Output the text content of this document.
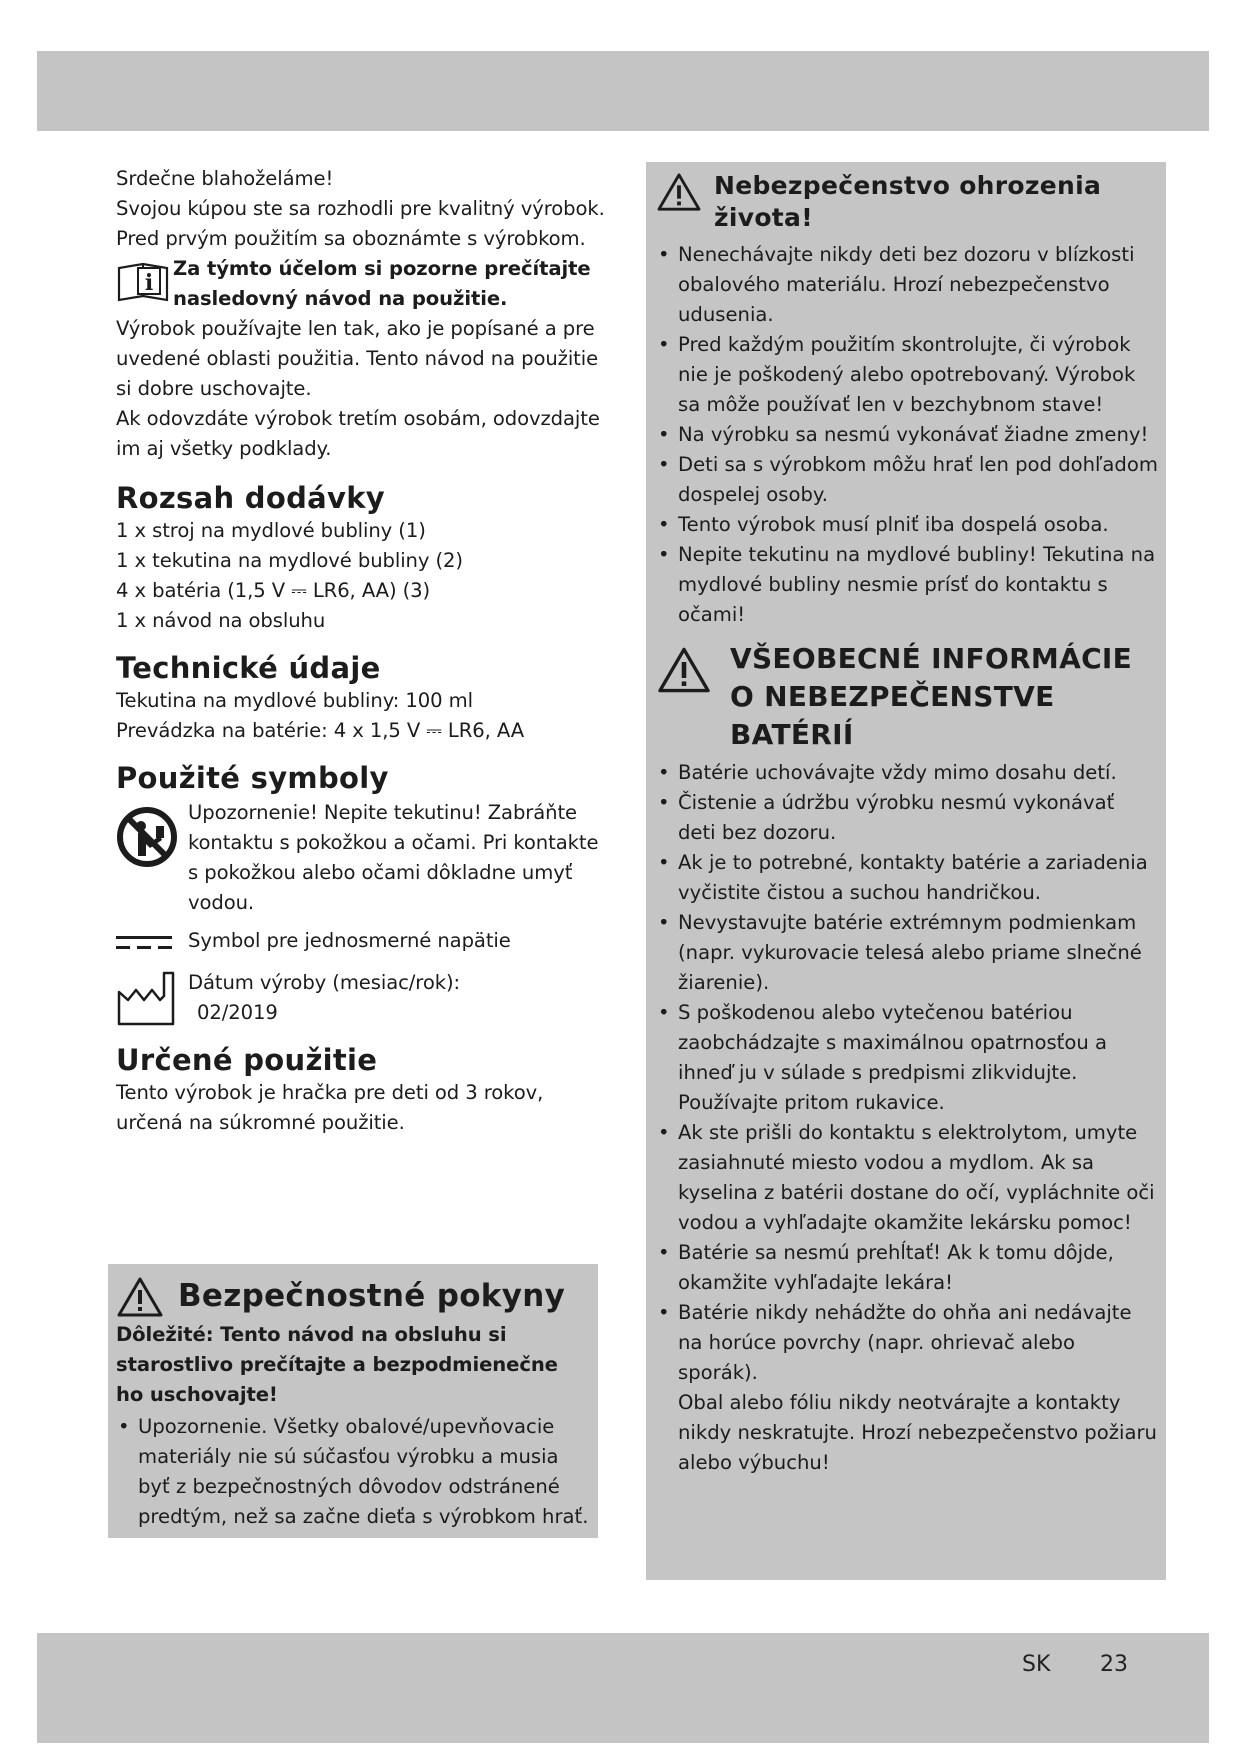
Srdečne blahoželáme!

Svojou kúpou ste sa rozhodli pre kvalitný výrobok. Pred prvým použitím sa oboznámte s výrobkom.

i

Za týmto účelom si pozorne prečítajte nasledovný návod na použitie.

Výrobok používajte len tak, ako je popísané a pre uvedené oblasti použitia. Tento návod na použitie si dobre uschovajte.

Ak odovzdáte výrobok tretím osobám, odovzdajte im aj všetky podklady.

Rozsah dodávky

1 x stroj na mydlové bubliny (1)

1 x tekutina na mydlové bubliny (2)

4 x batéria (1,5 V ⎓ LR6, AA) (3)

1 x návod na obsluhu

Technické údaje

Tekutina na mydlové bubliny: 100 ml

Prevádzka na batérie: 4 x 1,5 V ⎓ LR6, AA

Použité symboly

Upozornenie! Nepite tekutinu! Zabráňte kontaktu s pokožkou a očami. Pri kontakte s pokožkou alebo očami dôkladne umyť vodou.

Symbol pre jednosmerné napätie

Dátum výroby (mesiac/rok):

02/2019

Určené použitie

Tento výrobok je hračka pre deti od 3 rokov, určená na súkromné použitie.

Bezpečnostné pokyny

Dôležité: Tento návod na obsluhu si starostlivo prečítajte a bezpodmienečne ho uschovajte!

• Upozornenie. Všetky obalové/upevňovacie materiály nie sú súčasťou výrobku a musia byť z bezpečnostných dôvodov odstránené predtým, než sa začne dieťa s výrobkom hrať.
Nebezpečenstvo ohrozenia života!
• Nenechávajte nikdy deti bez dozoru v blízkosti obalového materiálu. Hrozí nebezpečenstvo udusenia.
• Pred každým použitím skontrolujte, či výrobok nie je poškodený alebo opotrebovaný. Výrobok sa môže používať len v bezchybnom stave!
• Na výrobku sa nesmú vykonávať žiadne zmeny!
• Deti sa s výrobkom môžu hrať len pod dohľadom dospelej osoby.
• Tento výrobok musí plniť iba dospelá osoba.
• Nepite tekutinu na mydlové bubliny! Tekutina na mydlové bubliny nesmie prísť do kontaktu s očami!
VŠEOBECNÉ INFORMÁCIE O NEBEZPEČENSTVE BATÉRIÍ
• Batérie uchovávajte vždy mimo dosahu detí.
• Čistenie a údržbu výrobku nesmú vykonávať deti bez dozoru.
• Ak je to potrebné, kontakty batérie a zariadenia vyčistite čistou a suchou handričkou.
• Nevystavujte batérie extrémnym podmienkam (napr. vykurovacie telesá alebo priame slnečné žiarenie).
• S poškodenou alebo vytečenou batériou zaobchádzajte s maximálnou opatrnosťou a ihneď ju v súlade s predpismi zlikvidujte. Používajte pritom rukavice.
• Ak ste prišli do kontaktu s elektrolytom, umyte zasiahnuté miesto vodou a mydlom. Ak sa kyselina z batérii dostane do očí, vypláchnite oči vodou a vyhľadajte okamžite lekársku pomoc!
• Batérie sa nesmú prehĺtať! Ak k tomu dôjde, okamžite vyhľadajte lekára!
• Batérie nikdy nehádžte do ohňa ani nedávajte na horúce povrchy (napr. ohrievač alebo sporák).

Obal alebo fóliu nikdy neotvárajte a kontakty nikdy neskratujte. Hrozí nebezpečenstvo požiaru alebo výbuchu!

SK 23
